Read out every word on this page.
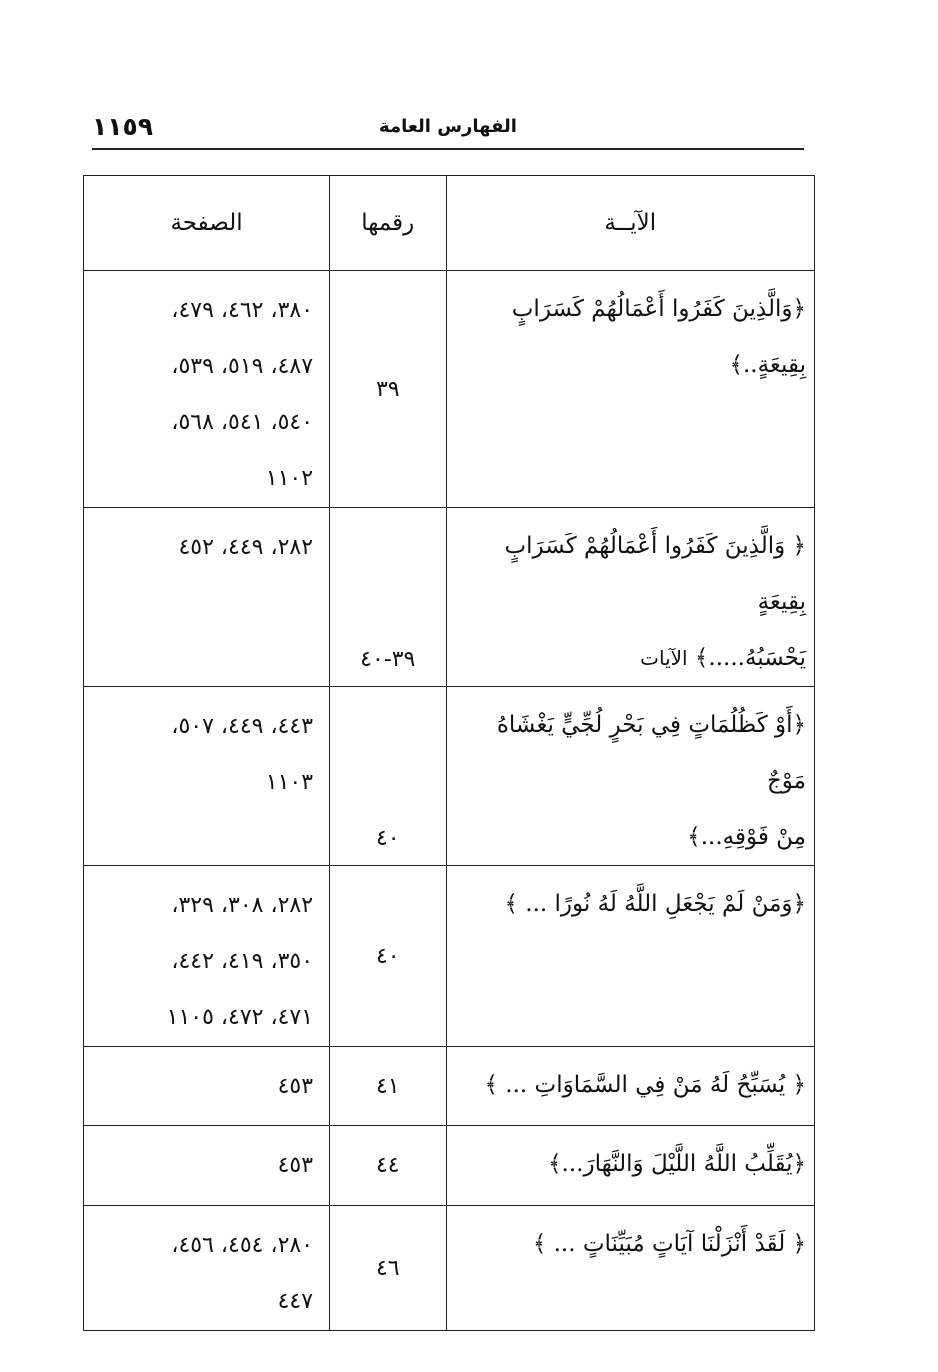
١١٥٩	الفهارس العامة
الآيــة	رقمها	الصفحة

﴿وَالَّذِينَ كَفَرُوا أَعْمَالُهُمْ كَسَرَابٍ بِقِيعَةٍ..﴾	٣٩	٣٨٠، ٤٦٢، ٤٧٩،
٤٨٧، ٥١٩، ٥٣٩،
٥٤٠، ٥٤١، ٥٦٨،
١١٠٢

﴿ وَالَّذِينَ كَفَرُوا أَعْمَالُهُمْ كَسَرَابٍ بِقِيعَةٍ
يَحْسَبُهُ.....﴾ الآيات	٣٩-٤٠	٢٨٢، ٤٤٩، ٤٥٢

﴿أَوْ كَظُلُمَاتٍ فِي بَحْرٍ لُجِّيٍّ يَغْشَاهُ مَوْجٌ
مِنْ فَوْقِهِ...﴾	٤٠	٤٤٣، ٤٤٩، ٥٠٧،
١١٠٣

﴿وَمَنْ لَمْ يَجْعَلِ اللَّهُ لَهُ نُورًا ... ﴾	٤٠	٢٨٢، ٣٠٨، ٣٢٩،
٣٥٠، ٤١٩، ٤٤٢،
٤٧١، ٤٧٢، ١١٠٥

﴿ يُسَبِّحُ لَهُ مَنْ فِي السَّمَاوَاتِ ... ﴾	٤١	٤٥٣

﴿يُقَلِّبُ اللَّهُ اللَّيْلَ وَالنَّهَارَ...﴾	٤٤	٤٥٣

﴿ لَقَدْ أَنْزَلْنَا آيَاتٍ مُبَيِّنَاتٍ ... ﴾	٤٦	٢٨٠، ٤٥٤، ٤٥٦،
٤٤٧
